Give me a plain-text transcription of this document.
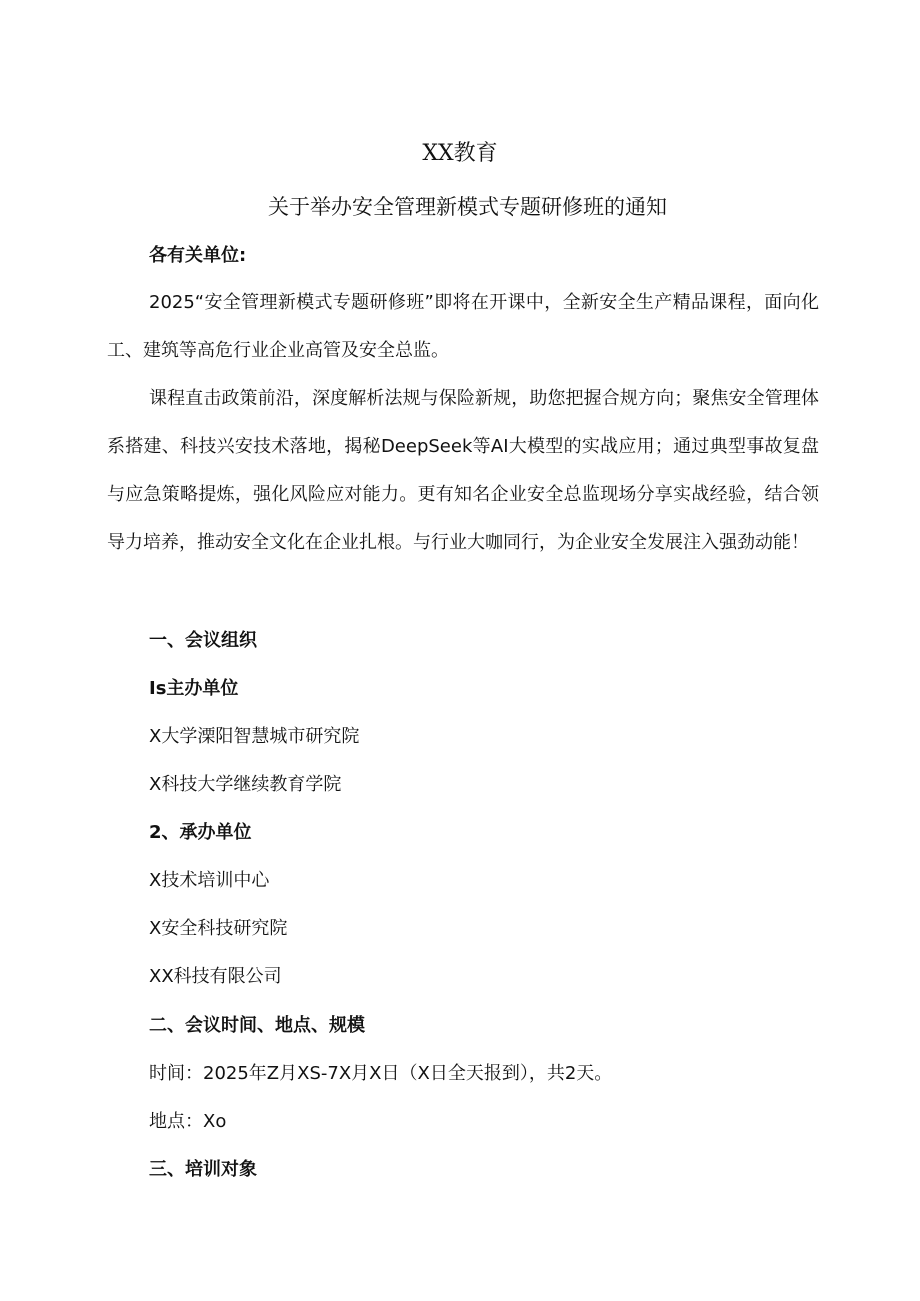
XX教育
关于举办安全管理新模式专题研修班的通知
各有关单位:

2025“安全管理新模式专题研修班”即将在开课中，全新安全生产精品课程，面向化工、建筑等高危行业企业高管及安全总监。

课程直击政策前沿，深度解析法规与保险新规，助您把握合规方向；聚焦安全管理体系搭建、科技兴安技术落地，揭秘DeepSeek等AI大模型的实战应用；通过典型事故复盘与应急策略提炼，强化风险应对能力。更有知名企业安全总监现场分享实战经验，结合领导力培养，推动安全文化在企业扎根。与行业大咖同行，为企业安全发展注入强劲动能！

一、会议组织
Is主办单位
X大学溧阳智慧城市研究院
X科技大学继续教育学院
2、承办单位
X技术培训中心
X安全科技研究院
XX科技有限公司
二、会议时间、地点、规模
时间：2025年Z月XS-7X月X日（X日全天报到），共2天。
地点：Xo
三、培训对象
